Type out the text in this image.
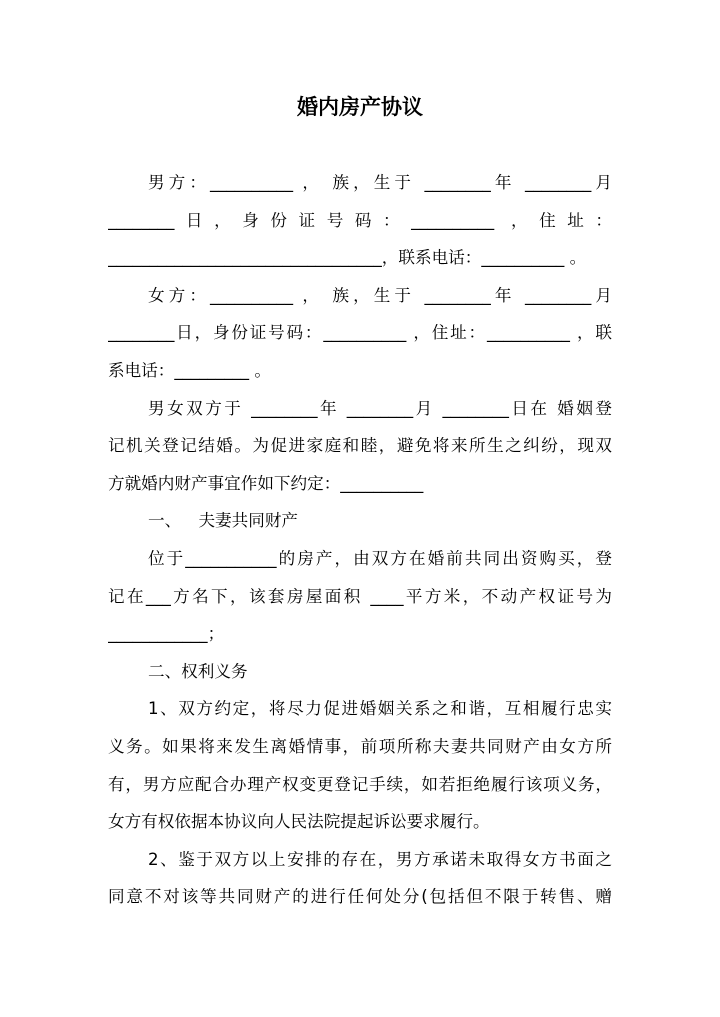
婚内房产协议
男方：__________ ， 族，生于 ________年 ________月
________日，身份证号码：__________ ，住址：
_________________________________，联系电话：__________ 。
女方：__________ ， 族，生于 ________年 ________月
________日，身份证号码：__________ ，住址：__________ ，联
系电话：_________ 。
男女双方于 ________年 ________月 ________日在 婚姻登
记机关登记结婚。为促进家庭和睦，避免将来所生之纠纷，现双
方就婚内财产事宜作如下约定：__________
一、 夫妻共同财产
位于___________的房产，由双方在婚前共同出资购买，登
记在___方名下，该套房屋面积 ____平方米，不动产权证号为
____________；
二、权利义务
1、双方约定，将尽力促进婚姻关系之和谐，互相履行忠实
义务。如果将来发生离婚情事，前项所称夫妻共同财产由女方所
有，男方应配合办理产权变更登记手续，如若拒绝履行该项义务，
女方有权依据本协议向人民法院提起诉讼要求履行。
2、鉴于双方以上安排的存在，男方承诺未取得女方书面之
同意不对该等共同财产的进行任何处分(包括但不限于转售、赠
